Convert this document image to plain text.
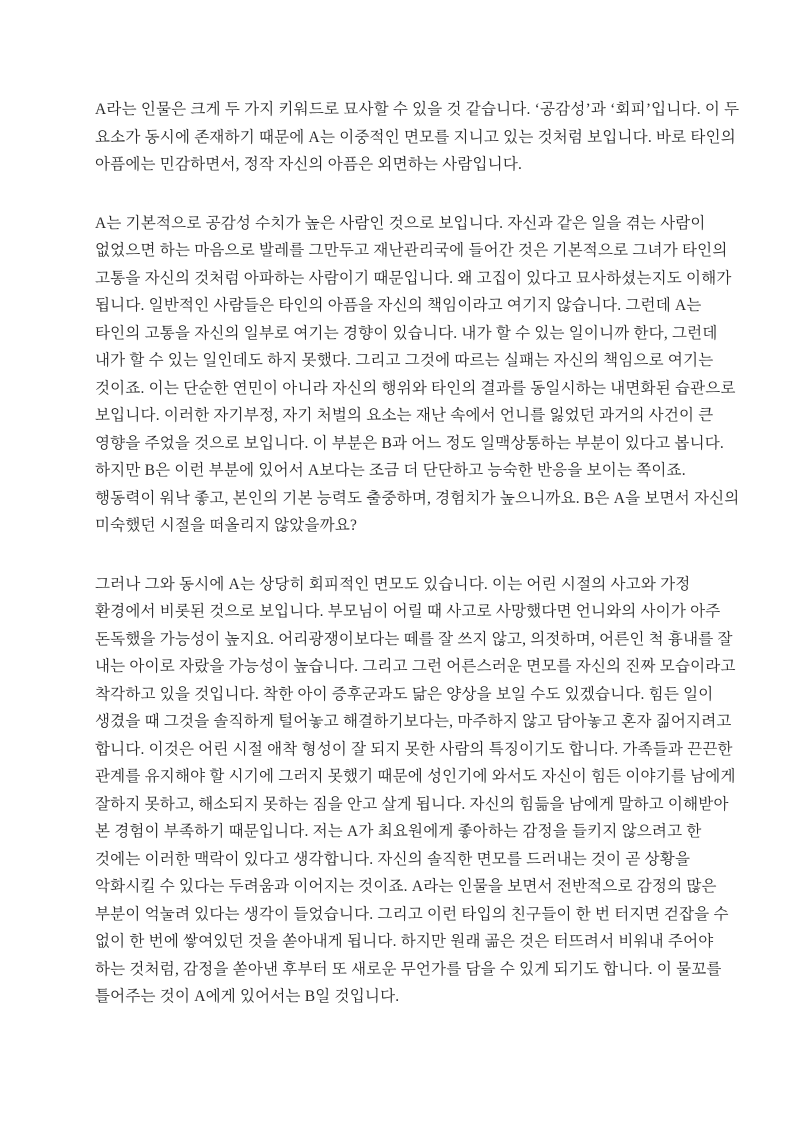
A라는 인물은 크게 두 가지 키워드로 묘사할 수 있을 것 같습니다. ‘공감성’과 ‘회피’입니다. 이 두
요소가 동시에 존재하기 때문에 A는 이중적인 면모를 지니고 있는 것처럼 보입니다. 바로 타인의
아픔에는 민감하면서, 정작 자신의 아픔은 외면하는 사람입니다.

A는 기본적으로 공감성 수치가 높은 사람인 것으로 보입니다. 자신과 같은 일을 겪는 사람이
없었으면 하는 마음으로 발레를 그만두고 재난관리국에 들어간 것은 기본적으로 그녀가 타인의
고통을 자신의 것처럼 아파하는 사람이기 때문입니다. 왜 고집이 있다고 묘사하셨는지도 이해가
됩니다. 일반적인 사람들은 타인의 아픔을 자신의 책임이라고 여기지 않습니다. 그런데 A는
타인의 고통을 자신의 일부로 여기는 경향이 있습니다. 내가 할 수 있는 일이니까 한다, 그런데
내가 할 수 있는 일인데도 하지 못했다. 그리고 그것에 따르는 실패는 자신의 책임으로 여기는
것이죠. 이는 단순한 연민이 아니라 자신의 행위와 타인의 결과를 동일시하는 내면화된 습관으로
보입니다. 이러한 자기부정, 자기 처벌의 요소는 재난 속에서 언니를 잃었던 과거의 사건이 큰
영향을 주었을 것으로 보입니다. 이 부분은 B과 어느 정도 일맥상통하는 부분이 있다고 봅니다.
하지만 B은 이런 부분에 있어서 A보다는 조금 더 단단하고 능숙한 반응을 보이는 쪽이죠.
행동력이 워낙 좋고, 본인의 기본 능력도 출중하며, 경험치가 높으니까요. B은 A을 보면서 자신의
미숙했던 시절을 떠올리지 않았을까요?

그러나 그와 동시에 A는 상당히 회피적인 면모도 있습니다. 이는 어린 시절의 사고와 가정
환경에서 비롯된 것으로 보입니다. 부모님이 어릴 때 사고로 사망했다면 언니와의 사이가 아주
돈독했을 가능성이 높지요. 어리광쟁이보다는 떼를 잘 쓰지 않고, 의젓하며, 어른인 척 흉내를 잘
내는 아이로 자랐을 가능성이 높습니다. 그리고 그런 어른스러운 면모를 자신의 진짜 모습이라고
착각하고 있을 것입니다. 착한 아이 증후군과도 닮은 양상을 보일 수도 있겠습니다. 힘든 일이
생겼을 때 그것을 솔직하게 털어놓고 해결하기보다는, 마주하지 않고 담아놓고 혼자 짊어지려고
합니다. 이것은 어린 시절 애착 형성이 잘 되지 못한 사람의 특징이기도 합니다. 가족들과 끈끈한
관계를 유지해야 할 시기에 그러지 못했기 때문에 성인기에 와서도 자신이 힘든 이야기를 남에게
잘하지 못하고, 해소되지 못하는 짐을 안고 살게 됩니다. 자신의 힘듦을 남에게 말하고 이해받아
본 경험이 부족하기 때문입니다. 저는 A가 최요원에게 좋아하는 감정을 들키지 않으려고 한
것에는 이러한 맥락이 있다고 생각합니다. 자신의 솔직한 면모를 드러내는 것이 곧 상황을
악화시킬 수 있다는 두려움과 이어지는 것이죠. A라는 인물을 보면서 전반적으로 감정의 많은
부분이 억눌려 있다는 생각이 들었습니다. 그리고 이런 타입의 친구들이 한 번 터지면 걷잡을 수
없이 한 번에 쌓여있던 것을 쏟아내게 됩니다. 하지만 원래 곪은 것은 터뜨려서 비워내 주어야
하는 것처럼, 감정을 쏟아낸 후부터 또 새로운 무언가를 담을 수 있게 되기도 합니다. 이 물꼬를
틀어주는 것이 A에게 있어서는 B일 것입니다.
